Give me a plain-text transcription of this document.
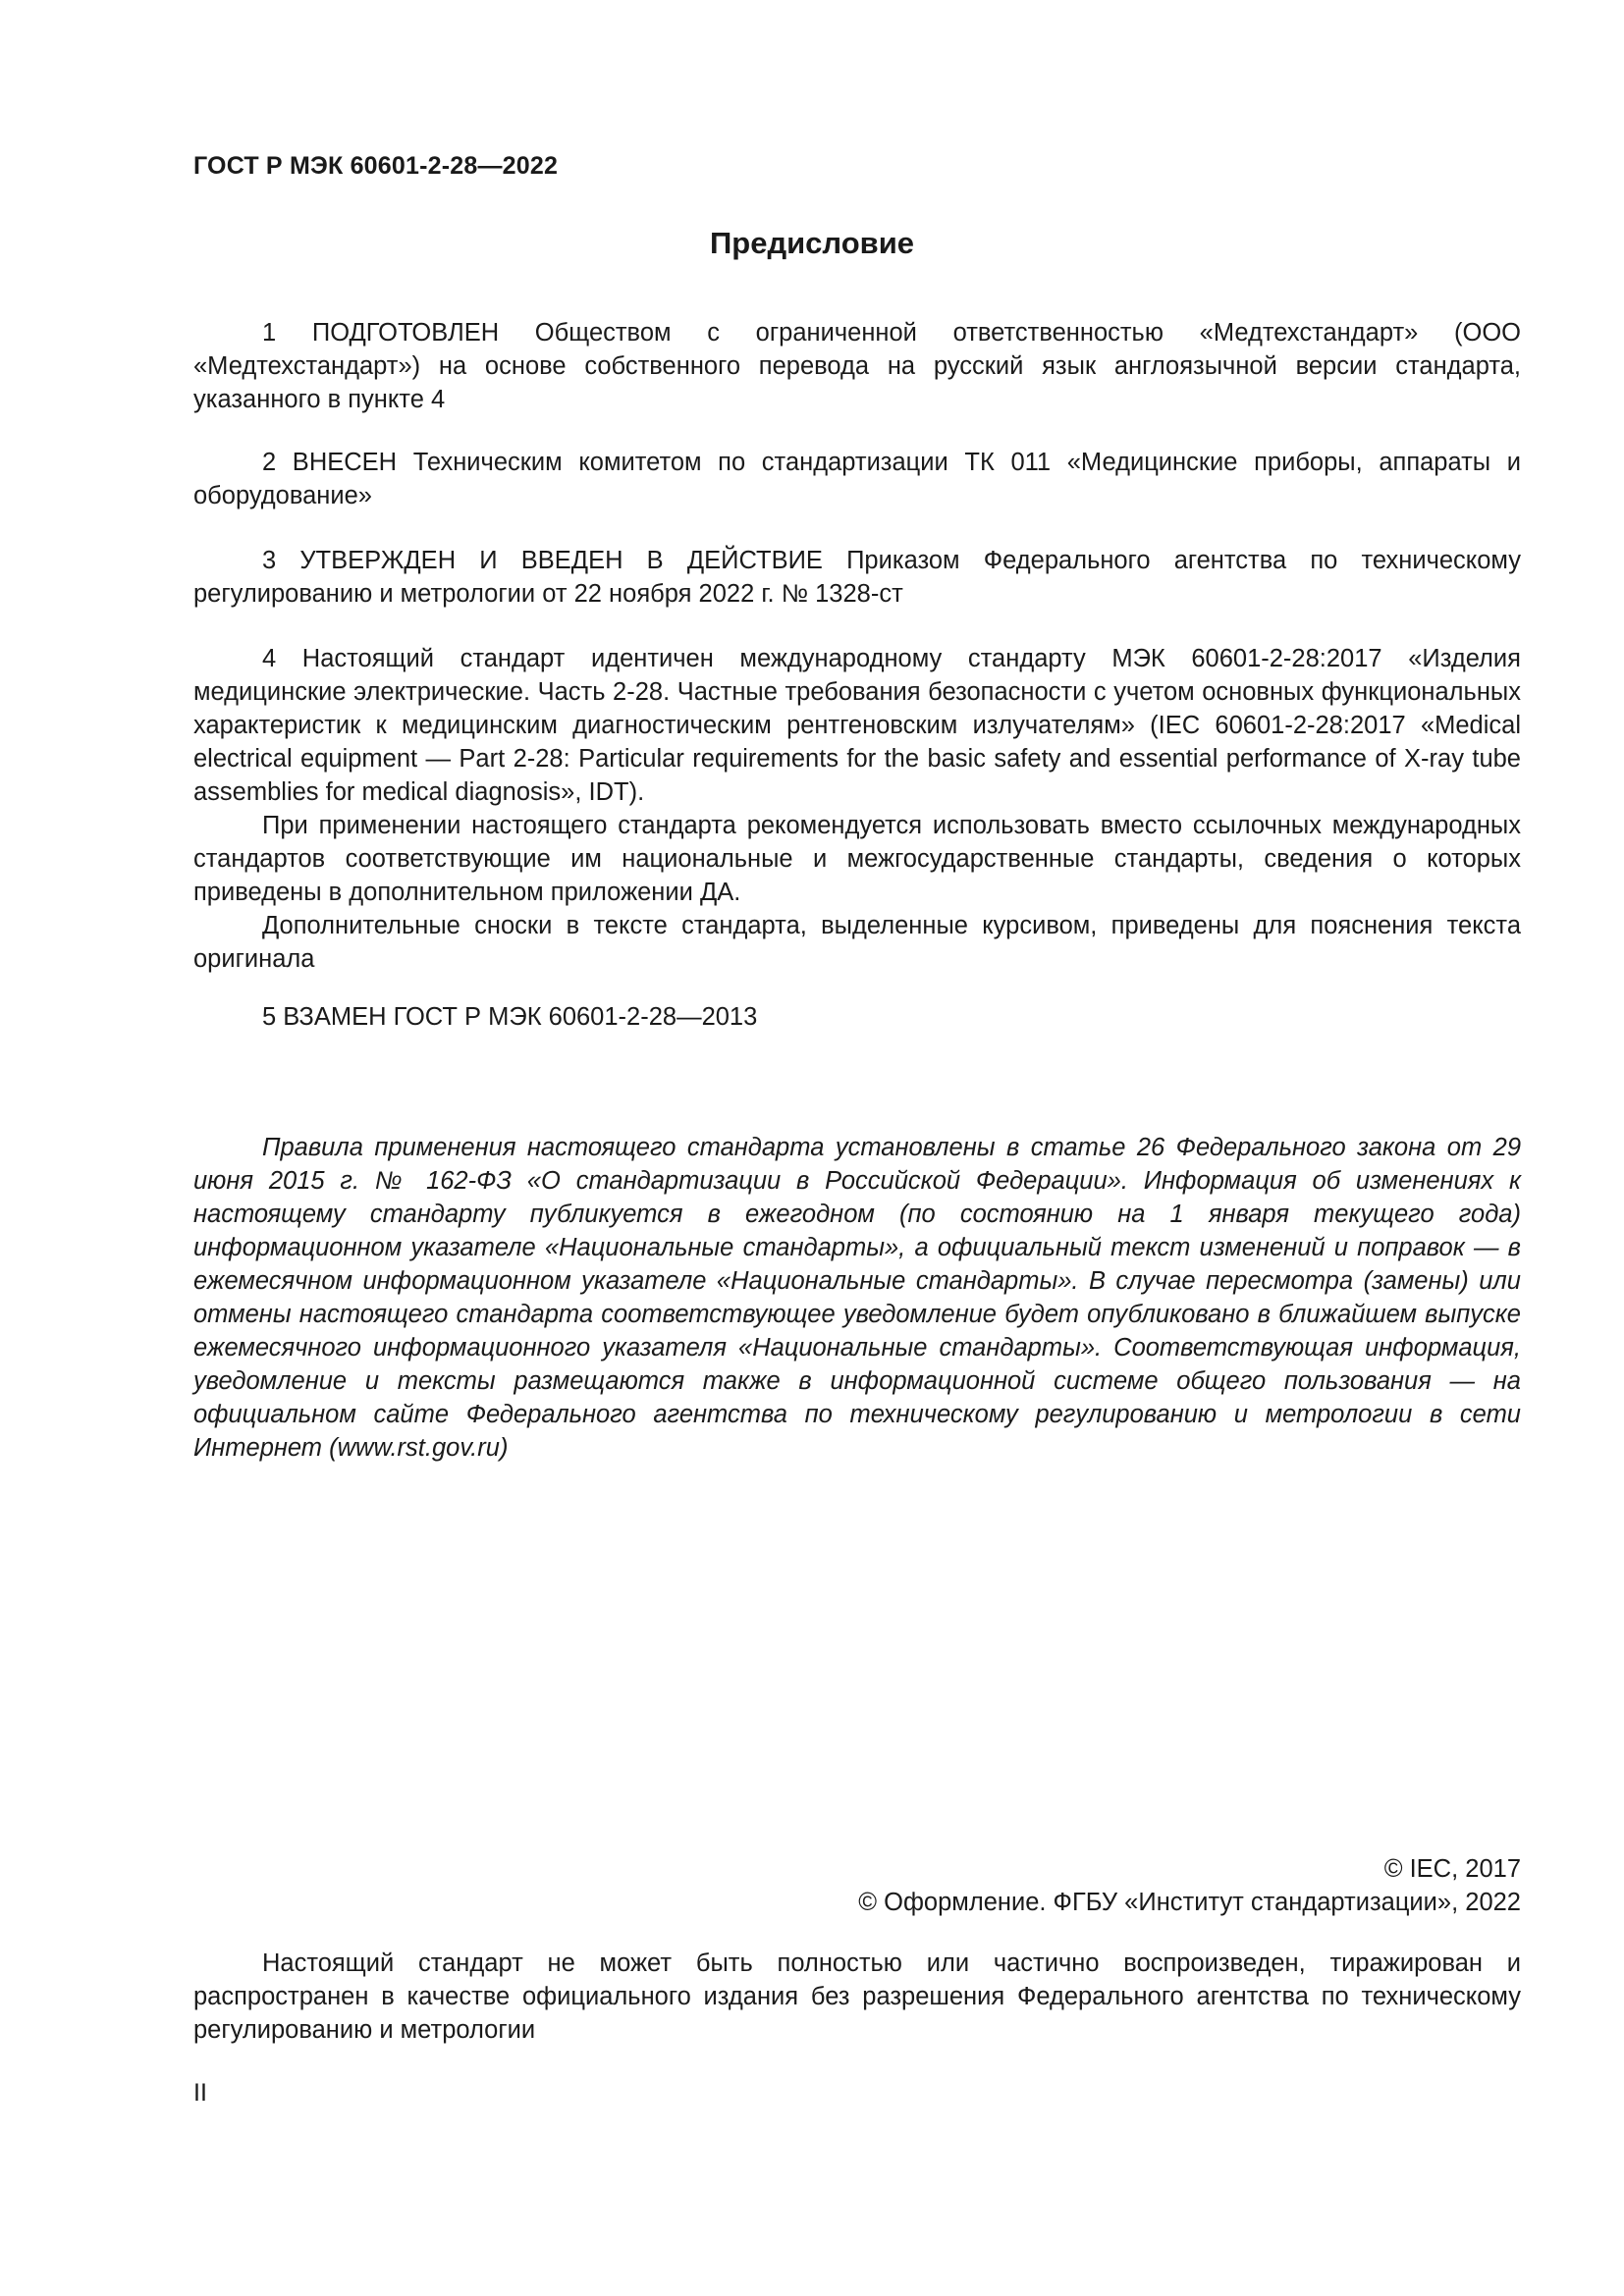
ГОСТ Р МЭК 60601-2-28—2022
Предисловие

1 ПОДГОТОВЛЕН Обществом с ограниченной ответственностью «Медтехстандарт» (ООО «Медтехстандарт») на основе собственного перевода на русский язык англоязычной версии стандарта, указанного в пункте 4

2 ВНЕСЕН Техническим комитетом по стандартизации ТК 011 «Медицинские приборы, аппараты и оборудование»

3 УТВЕРЖДЕН И ВВЕДЕН В ДЕЙСТВИЕ Приказом Федерального агентства по техническому регулированию и метрологии от 22 ноября 2022 г. № 1328-ст

4 Настоящий стандарт идентичен международному стандарту МЭК 60601-2-28:2017 «Изделия медицинские электрические. Часть 2-28. Частные требования безопасности с учетом основных функциональных характеристик к медицинским диагностическим рентгеновским излучателям» (IEC 60601-2-28:2017 «Medical electrical equipment — Part 2-28: Particular requirements for the basic safety and essential performance of X-ray tube assemblies for medical diagnosis», IDT).

При применении настоящего стандарта рекомендуется использовать вместо ссылочных международных стандартов соответствующие им национальные и межгосударственные стандарты, сведения о которых приведены в дополнительном приложении ДА.

Дополнительные сноски в тексте стандарта, выделенные курсивом, приведены для пояснения текста оригинала

5 ВЗАМЕН ГОСТ Р МЭК 60601-2-28—2013

Правила применения настоящего стандарта установлены в статье 26 Федерального закона от 29 июня 2015 г. № 162-ФЗ «О стандартизации в Российской Федерации». Информация об изменениях к настоящему стандарту публикуется в ежегодном (по состоянию на 1 января текущего года) информационном указателе «Национальные стандарты», а официальный текст изменений и поправок — в ежемесячном информационном указателе «Национальные стандарты». В случае пересмотра (замены) или отмены настоящего стандарта соответствующее уведомление будет опубликовано в ближайшем выпуске ежемесячного информационного указателя «Национальные стандарты». Соответствующая информация, уведомление и тексты размещаются также в информационной системе общего пользования — на официальном сайте Федерального агентства по техническому регулированию и метрологии в сети Интернет (www.rst.gov.ru)

© IEC, 2017
© Оформление. ФГБУ «Институт стандартизации», 2022

Настоящий стандарт не может быть полностью или частично воспроизведен, тиражирован и распространен в качестве официального издания без разрешения Федерального агентства по техническому регулированию и метрологии

II
